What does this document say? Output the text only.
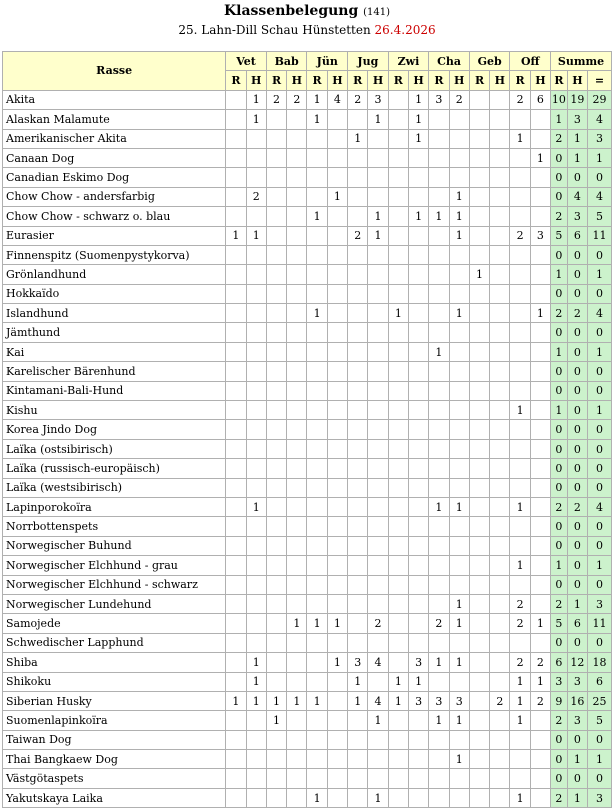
Klassenbelegung (141)
25. Lahn-Dill Schau Hünstetten 26.4.2026
Rasse	Vet		Bab		Jün		Jug		Zwi		Cha		Geb		Off		Summe		
	R	H	R	H	R	H	R	H	R	H	R	H	R	H	R	H	R	H	=
Akita		1	2	2	1	4	2	3		1	3	2			2	6	10	19	29
Alaskan Malamute		1			1			1		1							1	3	4
Amerikanischer Akita							1			1					1		2	1	3
Canaan Dog																1	0	1	1
Canadian Eskimo Dog																	0	0	0
Chow Chow - andersfarbig		2				1						1					0	4	4
Chow Chow - schwarz o. blau					1			1		1	1	1					2	3	5
Eurasier	1	1					2	1				1			2	3	5	6	11
Finnenspitz (Suomenpystykorva)																	0	0	0
Grönlandhund													1				1	0	1
Hokkaïdo																	0	0	0
Islandhund					1				1			1				1	2	2	4
Jämthund																	0	0	0
Kai											1						1	0	1
Karelischer Bärenhund																	0	0	0
Kintamani-Bali-Hund																	0	0	0
Kishu															1		1	0	1
Korea Jindo Dog																	0	0	0
Laïka (ostsibirisch)																	0	0	0
Laïka (russisch-europäisch)																	0	0	0
Laïka (westsibirisch)																	0	0	0
Lapinporokoïra		1									1	1			1		2	2	4
Norrbottenspets																	0	0	0
Norwegischer Buhund																	0	0	0
Norwegischer Elchhund - grau															1		1	0	1
Norwegischer Elchhund - schwarz																	0	0	0
Norwegischer Lundehund												1			2		2	1	3
Samojede				1	1	1		2			2	1			2	1	5	6	11
Schwedischer Lapphund																	0	0	0
Shiba		1				1	3	4		3	1	1			2	2	6	12	18
Shikoku		1					1		1	1					1	1	3	3	6
Siberian Husky	1	1	1	1	1		1	4	1	3	3	3		2	1	2	9	16	25
Suomenlapinkoïra			1					1			1	1			1		2	3	5
Taiwan Dog																	0	0	0
Thai Bangkaew Dog												1					0	1	1
Västgötaspets																	0	0	0
Yakutskaya Laika					1			1							1		2	1	3
